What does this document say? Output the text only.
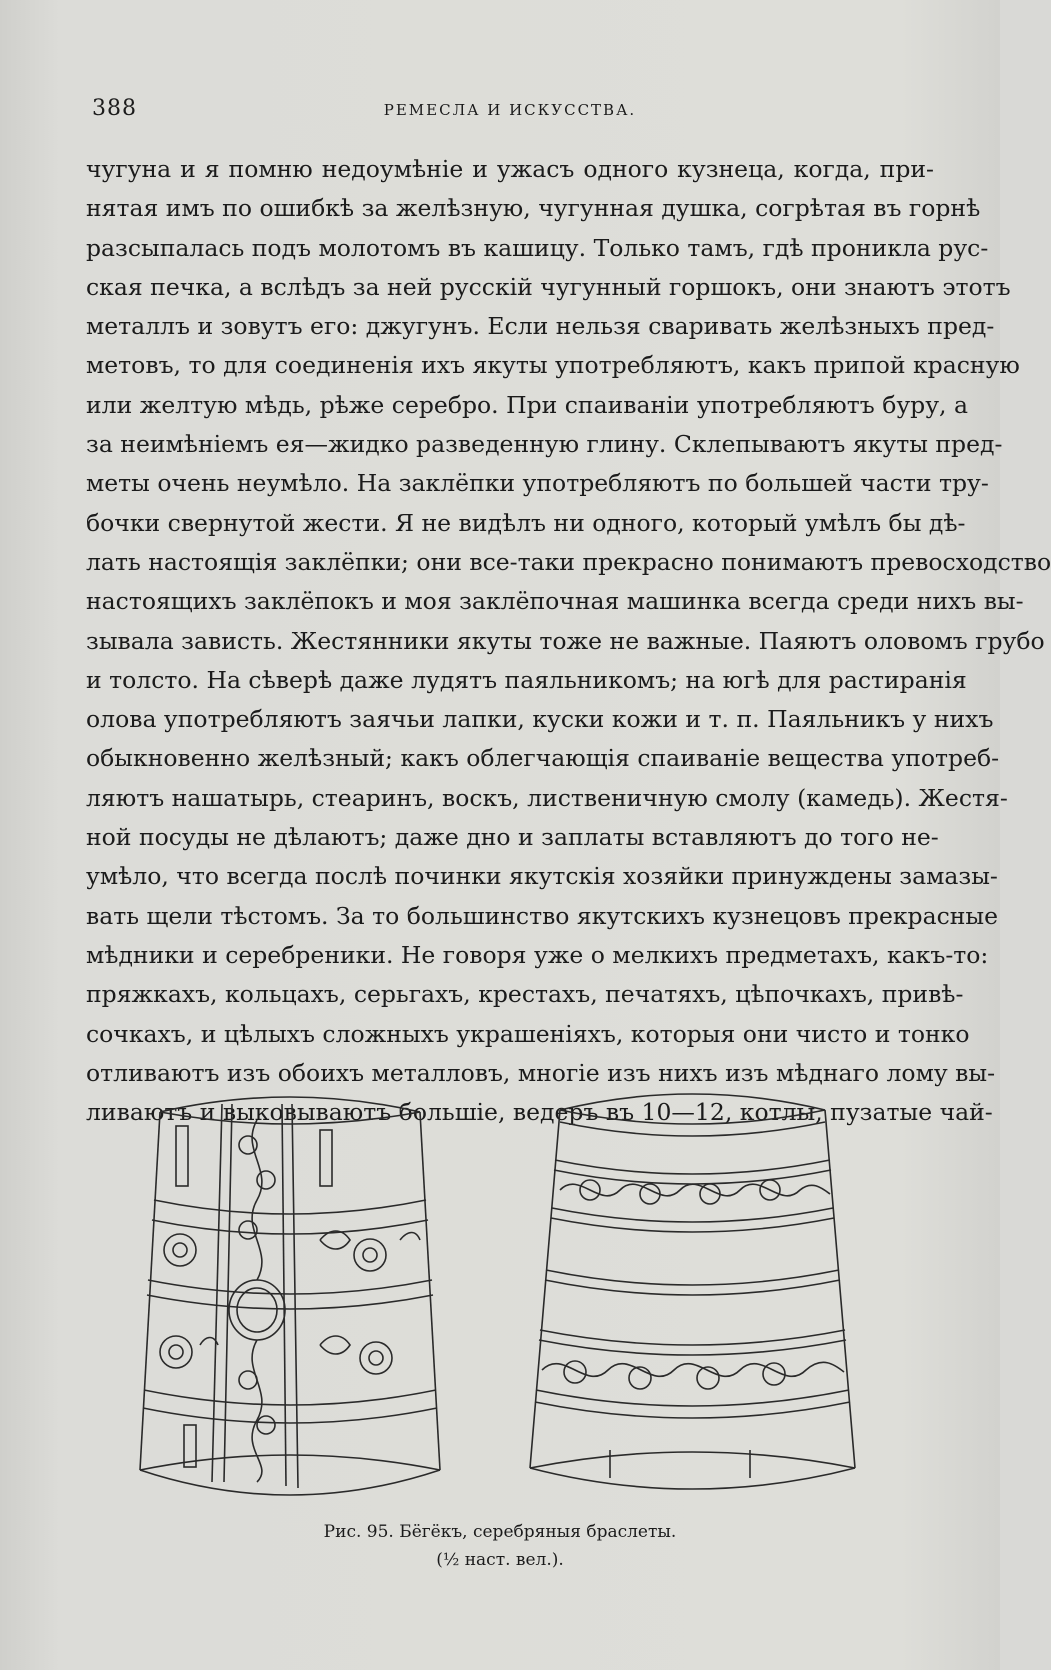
388	РЕМЕСЛА И ИСКУССТВА.
чугуна и я помню недоумѣніе и ужасъ одного кузнеца, когда, при-
нятая имъ по ошибкѣ за желѣзную, чугунная душка, согрѣтая въ горнѣ
разсыпалась подъ молотомъ въ кашицу. Только тамъ, гдѣ проникла рус-
ская печка, а вслѣдъ за ней русскій чугунный горшокъ, они знаютъ этотъ
металлъ и зовутъ его: джугунъ. Если нельзя сваривать желѣзныхъ пред-
метовъ, то для соединенія ихъ якуты употребляютъ, какъ припой красную
или желтую мѣдь, рѣже серебро. При спаиваніи употребляютъ буру, а
за неимѣніемъ ея—жидко разведенную глину. Склепываютъ якуты пред-
меты очень неумѣло. На заклёпки употребляютъ по большей части тру-
бочки свернутой жести. Я не видѣлъ ни одного, который умѣлъ бы дѣ-
лать настоящія заклёпки; они все-таки прекрасно понимаютъ превосходство
настоящихъ заклёпокъ и моя заклёпочная машинка всегда среди нихъ вы-
зывала зависть. Жестянники якуты тоже не важные. Паяютъ оловомъ грубо
и толсто. На сѣверѣ даже лудятъ паяльникомъ; на югѣ для растиранія
олова употребляютъ заячьи лапки, куски кожи и т. п. Паяльникъ у нихъ
обыкновенно желѣзный; какъ облегчающія спаиваніе вещества употреб-
ляютъ нашатырь, стеаринъ, воскъ, лиственичную смолу (камедь). Жестя-
ной посуды не дѣлаютъ; даже дно и заплаты вставляютъ до того не-
умѣло, что всегда послѣ починки якутскія хозяйки принуждены замазы-
вать щели тѣстомъ. За то большинство якутскихъ кузнецовъ прекрасные
мѣдники и серебреники. Не говоря уже о мелкихъ предметахъ, какъ-то:
пряжкахъ, кольцахъ, серьгахъ, крестахъ, печатяхъ, цѣпочкахъ, привѣ-
сочкахъ, и цѣлыхъ сложныхъ украшеніяхъ, которыя они чисто и тонко
отливаютъ изъ обоихъ металловъ, многіе изъ нихъ изъ мѣднаго лому вы-
ливаютъ и выковываютъ большіе, ведеръ въ 10—12, котлы, пузатые чай-
Рис. 95. Бёгёкъ, серебряныя браслеты.
(½ наст. вел.).
